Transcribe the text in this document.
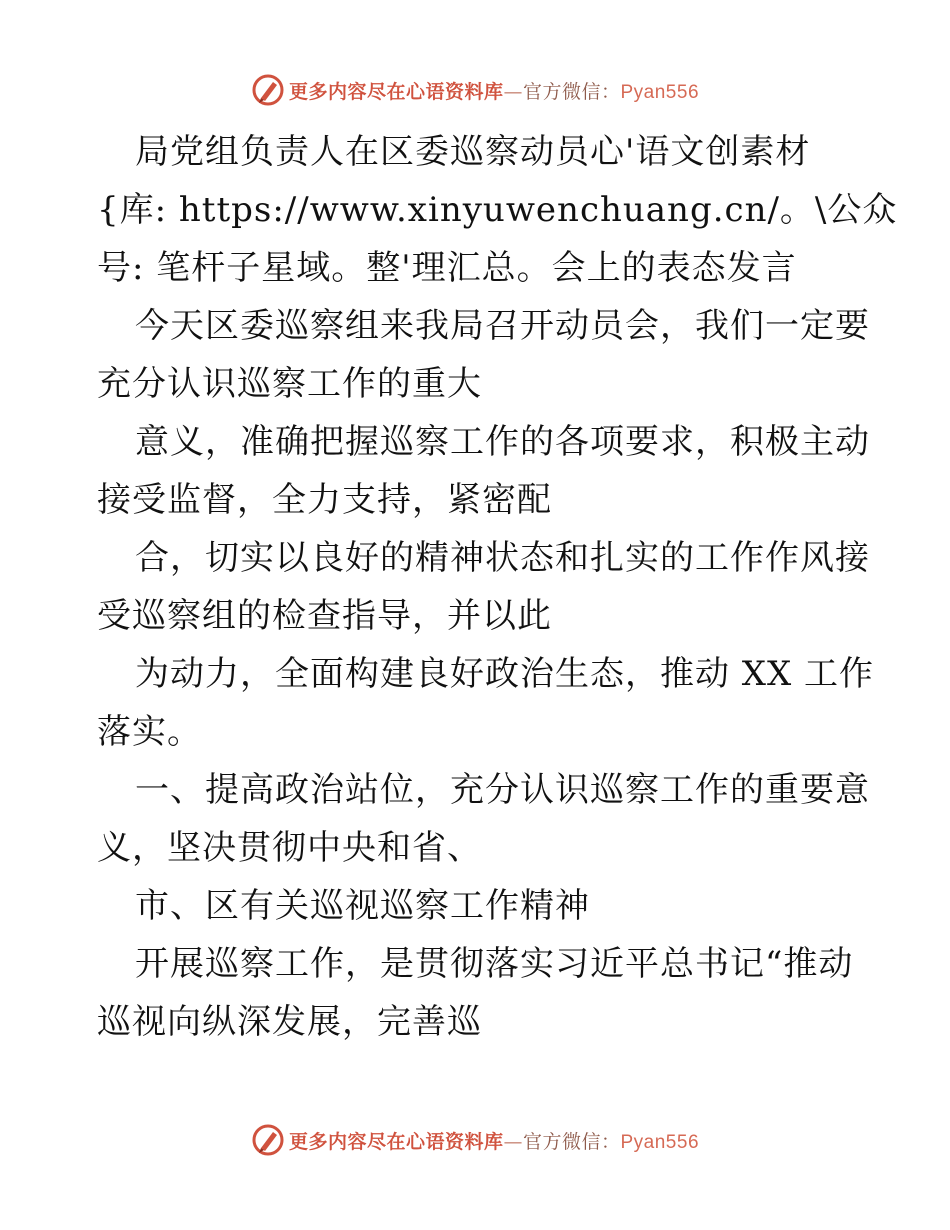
更多内容尽在心语资料库—官方微信：Pyan556
局党组负责人在区委巡察动员心'语文创素材
{库: https://www.xinyuwenchuang.cn/。\公众
号: 笔杆子星域。整'理汇总。会上的表态发言
今天区委巡察组来我局召开动员会，我们一定要
充分认识巡察工作的重大
意义，准确把握巡察工作的各项要求，积极主动
接受监督，全力支持，紧密配
合，切实以良好的精神状态和扎实的工作作风接
受巡察组的检查指导，并以此
为动力，全面构建良好政治生态，推动 XX 工作
落实。
一、提高政治站位，充分认识巡察工作的重要意
义，坚决贯彻中央和省、
市、区有关巡视巡察工作精神
开展巡察工作，是贯彻落实习近平总书记“推动
巡视向纵深发展，完善巡
更多内容尽在心语资料库—官方微信：Pyan556
